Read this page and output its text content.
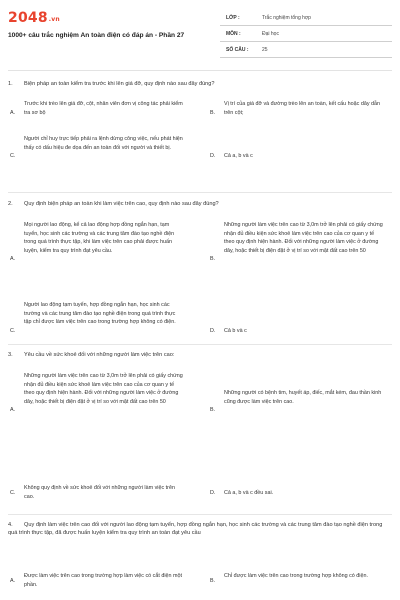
2048.vn
1000+ câu trắc nghiệm An toàn điện có đáp án - Phần 27
LỚP :	Trắc nghiệm tổng hợp
MÔN :	Đại học
SỐ CÂU :	25
1. Biện pháp an toàn kiểm tra trước khi lên giá đỡ, quy định nào sau đây đúng?
A.
Trước khi trèo lên giá đỡ, cột, nhân viên đơn vị công tác phải kiểm tra sơ bộ	B.
Vị trí của giá đỡ và đường trèo lên an toàn, kết cấu hoặc dây dẫn trên cột;
C.
Người chỉ huy trực tiếp phải ra lệnh dừng công việc, nếu phát hiện thấy có dấu hiệu đe dọa đến an toàn đối với người và thiết bị.
D. Cả a, b và c
2. Quy định biện pháp an toàn khi làm việc trên cao, quy định nào sau đây đúng?
A.
Mọi người lao động, kể cả lao động hợp đồng ngắn hạn, tạm tuyển, học sinh các trường và các trung tâm đào tạo nghề điện trong quá trình thực tập, khi làm việc trên cao phải được huấn luyện, kiểm tra quy trình đạt yêu cầu.
B.
Những người làm việc trên cao từ 3,0m trở lên phải có giấy chứng nhận đủ điều kiện sức khoẻ làm việc trên cao của cơ quan y tế theo quy định hiện hành. Đối với những người làm việc ở đường dây, hoặc thiết bị điện đặt ở vị trí so với mặt đất cao trên 50
C.
Người lao động tạm tuyển, hợp đồng ngắn hạn, học sinh các trường và các trung tâm đào tạo nghề điện trong quá trình thực tập chỉ được làm việc trên cao trong trường hợp không có điện.
D. Cả b và c
3. Yêu cầu về sức khoẻ đối với những người làm việc trên cao:
A.
Những người làm việc trên cao từ 3,0m trở lên phải có giấy chứng nhận đủ điều kiện sức khoẻ làm việc trên cao của cơ quan y tế theo quy định hiện hành. Đối với những người làm việc ở đường dây, hoặc thiết bị điện đặt ở vị trí so với mặt đất cao trên 50
B.
Những người có bệnh tim, huyết áp, điếc, mắt kém, đau thần kinh cũng được làm việc trên cao.
C.
Không quy định về sức khoẻ đối với những người làm việc trên cao.
D. Cả a, b và c đều sai.
4. Quy định làm việc trên cao đối với người lao động tạm tuyển, hợp đồng ngắn hạn, học sinh các trường và các trung tâm đào tạo nghề điện trong quá trình thực tập, đã được huấn luyện kiểm tra quy trình an toàn đạt yêu cầu
A.
Được làm việc trên cao trong trường hợp làm việc có cắt điện một phần.
B.
Chỉ được làm việc trên cao trong trường hợp không có điện.
